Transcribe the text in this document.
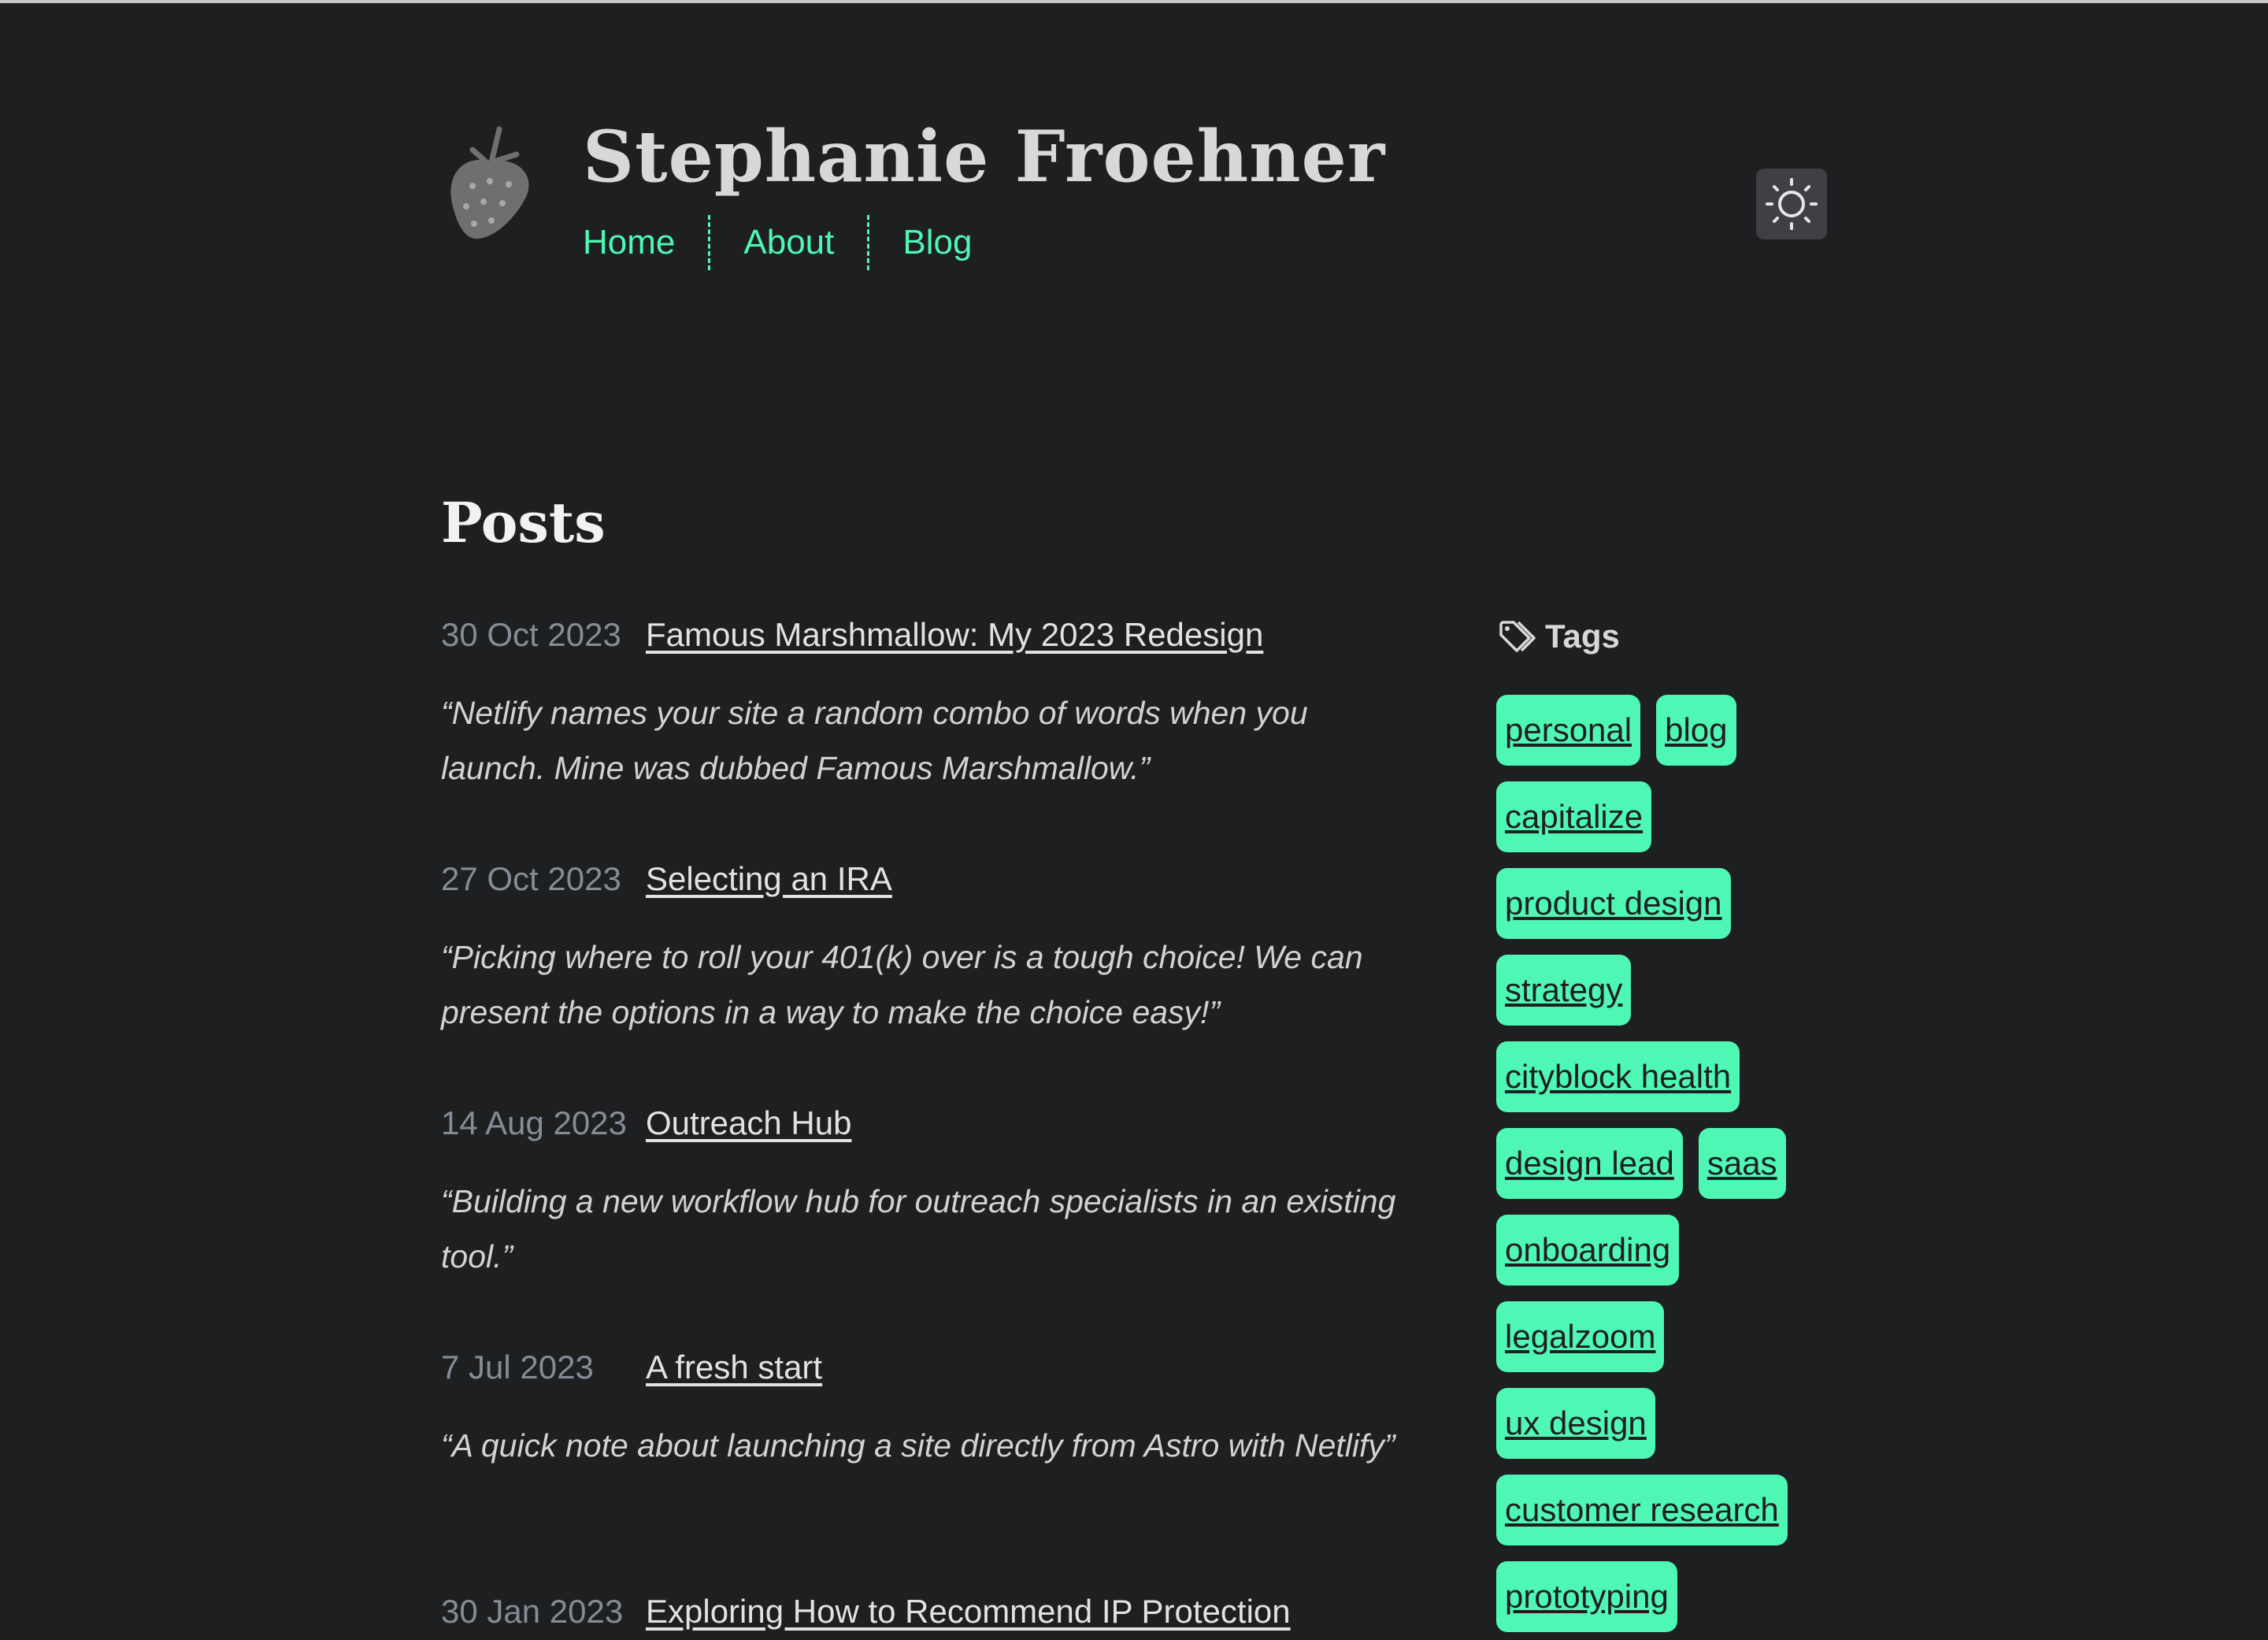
Stephanie Froehner
Home About Blog
Posts
30 Oct 2023 Famous Marshmallow: My 2023 Redesign

“Netlify names your site a random combo of words when you launch. Mine was dubbed Famous Marshmallow.”

27 Oct 2023 Selecting an IRA

“Picking where to roll your 401(k) over is a tough choice! We can present the options in a way to make the choice easy!”

14 Aug 2023 Outreach Hub

“Building a new workflow hub for outreach specialists in an existing tool.”

7 Jul 2023	A fresh start

“A quick note about launching a site directly from Astro with Netlify”

30 Jan 2023 Exploring How to Recommend IP Protection
Tags
personal blog
capitalize
product design
strategy
cityblock health
design lead saas
onboarding
legalzoom
ux design
customer research
prototyping
